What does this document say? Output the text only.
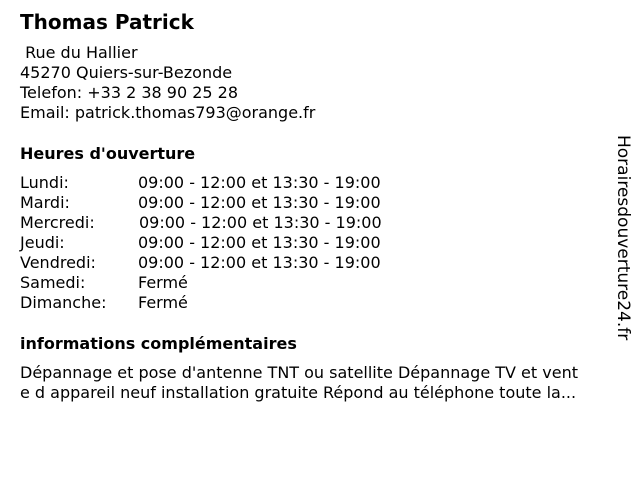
Thomas Patrick
Rue du Hallier
45270 Quiers-sur-Bezonde
Telefon: +33 2 38 90 25 28
Email: patrick.thomas793@orange.fr
Heures d'ouverture
Lundi:	09:00 - 12:00 et 13:30 - 19:00
Mardi:	09:00 - 12:00 et 13:30 - 19:00
Mercredi:	09:00 - 12:00 et 13:30 - 19:00
Jeudi:	09:00 - 12:00 et 13:30 - 19:00
Vendredi:	09:00 - 12:00 et 13:30 - 19:00
Samedi:	Fermé
Dimanche: Fermé
informations complémentaires
Dépannage et pose d'antenne TNT ou satellite Dépannage TV et vent
e d appareil neuf installation gratuite Répond au téléphone toute la...
Horairesdouverture24.fr
